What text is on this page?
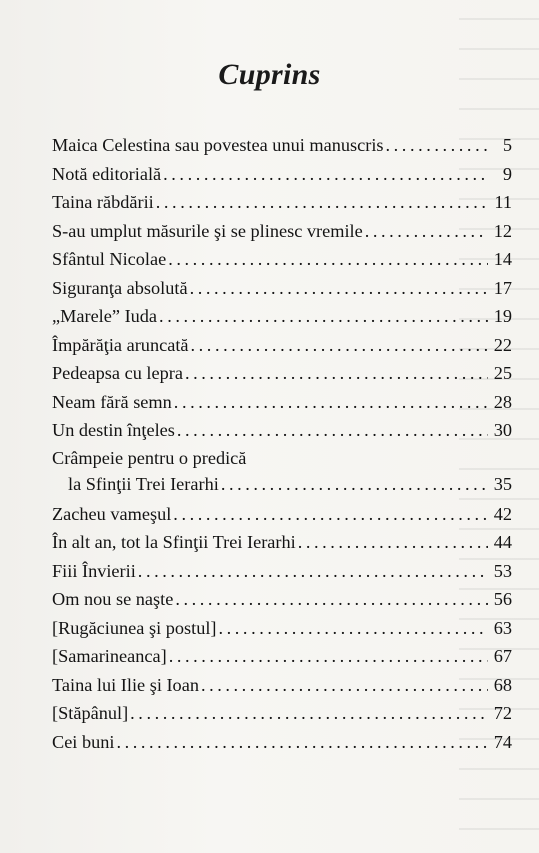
Cuprins
Maica Celestina sau povestea unui manuscris . . .	5
Notă editorială . . .	9
Taina răbdării . . .	11
S-au umplut măsurile şi se plinesc vremile . . .	12
Sfântul Nicolae . . .	14
Siguranţa absolută . . .	17
„Marele” Iuda . . .	19
Împărăţia aruncată . . .	22
Pedeapsa cu lepra . . .	25
Neam fără semn . . .	28
Un destin înţeles . . .	30
Crâmpeie pentru o predică
la Sfinţii Trei Ierarhi . . .	35
Zacheu vameşul . . .	42
În alt an, tot la Sfinţii Trei Ierarhi . . .	44
Fiii Învierii . . .	53
Om nou se naşte . . .	56
[Rugăciunea şi postul] . . .	63
[Samarineanca] . . .	67
Taina lui Ilie şi Ioan . . .	68
[Stăpânul] . . .	72
Cei buni . . .	74
